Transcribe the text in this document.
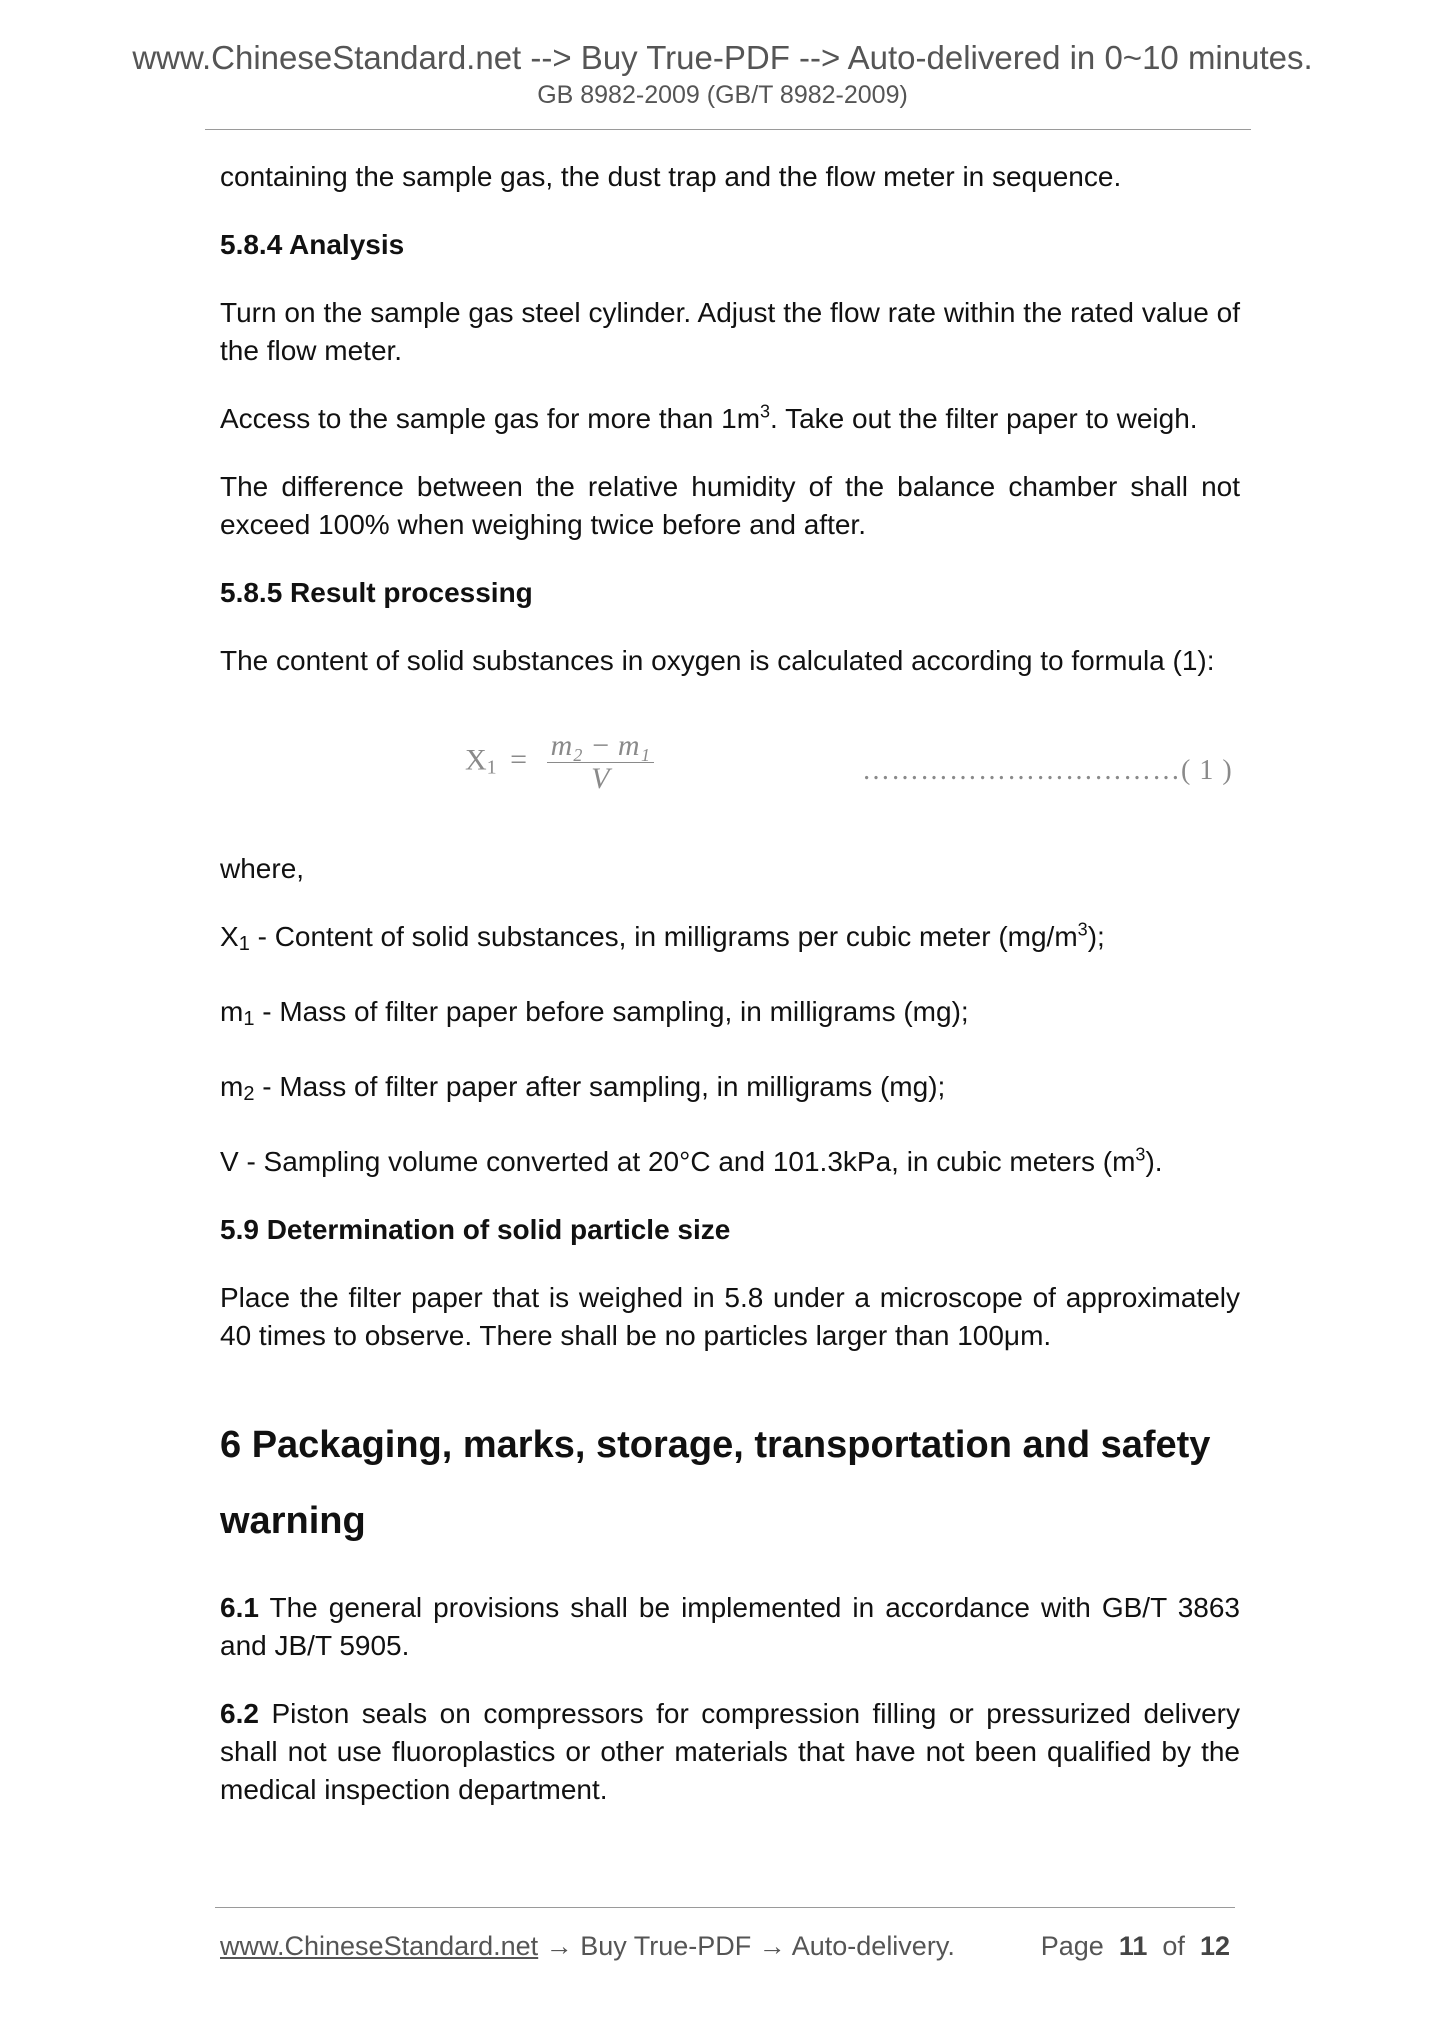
www.ChineseStandard.net --> Buy True-PDF --> Auto-delivered in 0~10 minutes.
GB 8982-2009 (GB/T 8982-2009)

containing the sample gas, the dust trap and the flow meter in sequence.

5.8.4 Analysis

Turn on the sample gas steel cylinder. Adjust the flow rate within the rated value of the flow meter.

Access to the sample gas for more than $1m^3$. Take out the filter paper to weigh.

The difference between the relative humidity of the balance chamber shall not exceed 100% when weighing twice before and after.

5.8.5 Result processing

The content of solid substances in oxygen is calculated according to formula (1):

$X_1 = \frac{\text{m₂ − m₁}}{V}$	……………………………( 1 )

where,

$X_1$ - Content of solid substances, in milligrams per cubic meter $(mg/m^3)$;

$m_1$ - Mass of filter paper before sampling, in milligrams (mg);

$m_2$ - Mass of filter paper after sampling, in milligrams (mg);

V - Sampling volume converted at 20°C and 101.3kPa, in cubic meters $(m^3)$.

5.9 Determination of solid particle size

Place the filter paper that is weighed in 5.8 under a microscope of approximately 40 times to observe. There shall be no particles larger than 100μm.

6 Packaging, marks, storage, transportation and safety warning

6.1 The general provisions shall be implemented in accordance with GB/T 3863 and JB/T 5905.

6.2 Piston seals on compressors for compression filling or pressurized delivery shall not use fluoroplastics or other materials that have not been qualified by the medical inspection department.

www.ChineseStandard.net → Buy True-PDF → Auto-delivery.	Page 11 of 12
